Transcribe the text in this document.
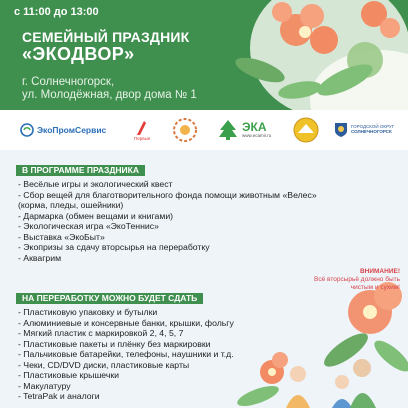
с 11:00 до 13:00
СЕМЕЙНЫЙ ПРАЗДНИК
«ЭКОДВОР»
г. Солнечногорск,
ул. Молодёжная, двор дома № 1
ЭкоПромСервис
Первые
ЭКА
www.ecamir.ru
ГОРОДСКОЙ ОКРУГ
СОЛНЕЧНОГОРСК
В ПРОГРАММЕ ПРАЗДНИКА
- Весёлые игры и экологический квест
- Сбор вещей для благотворительного фонда помощи животным «Велес»
(корма, пледы, ошейники)
- Дармарка (обмен вещами и книгами)
- Экологическая игра «ЭкоТеннис»
- Выставка «ЭкоБыт»
- Экопризы за сдачу вторсырья на переработку
- Аквагрим
ВНИМАНИЕ!
Всё вторсырьё должно быть
чистым и сухим!
НА ПЕРЕРАБОТКУ МОЖНО БУДЕТ СДАТЬ
- Пластиковую упаковку и бутылки
- Алюминиевые и консервные банки, крышки, фольгу
- Мягкий пластик с маркировкой 2, 4, 5, 7
- Пластиковые пакеты и плёнку без маркировки
- Пальчиковые батарейки, телефоны, наушники и т.д.
- Чеки, CD/DVD диски, пластиковые карты
- Пластиковые крышечки
- Макулатуру
- TetraPak и аналоги
